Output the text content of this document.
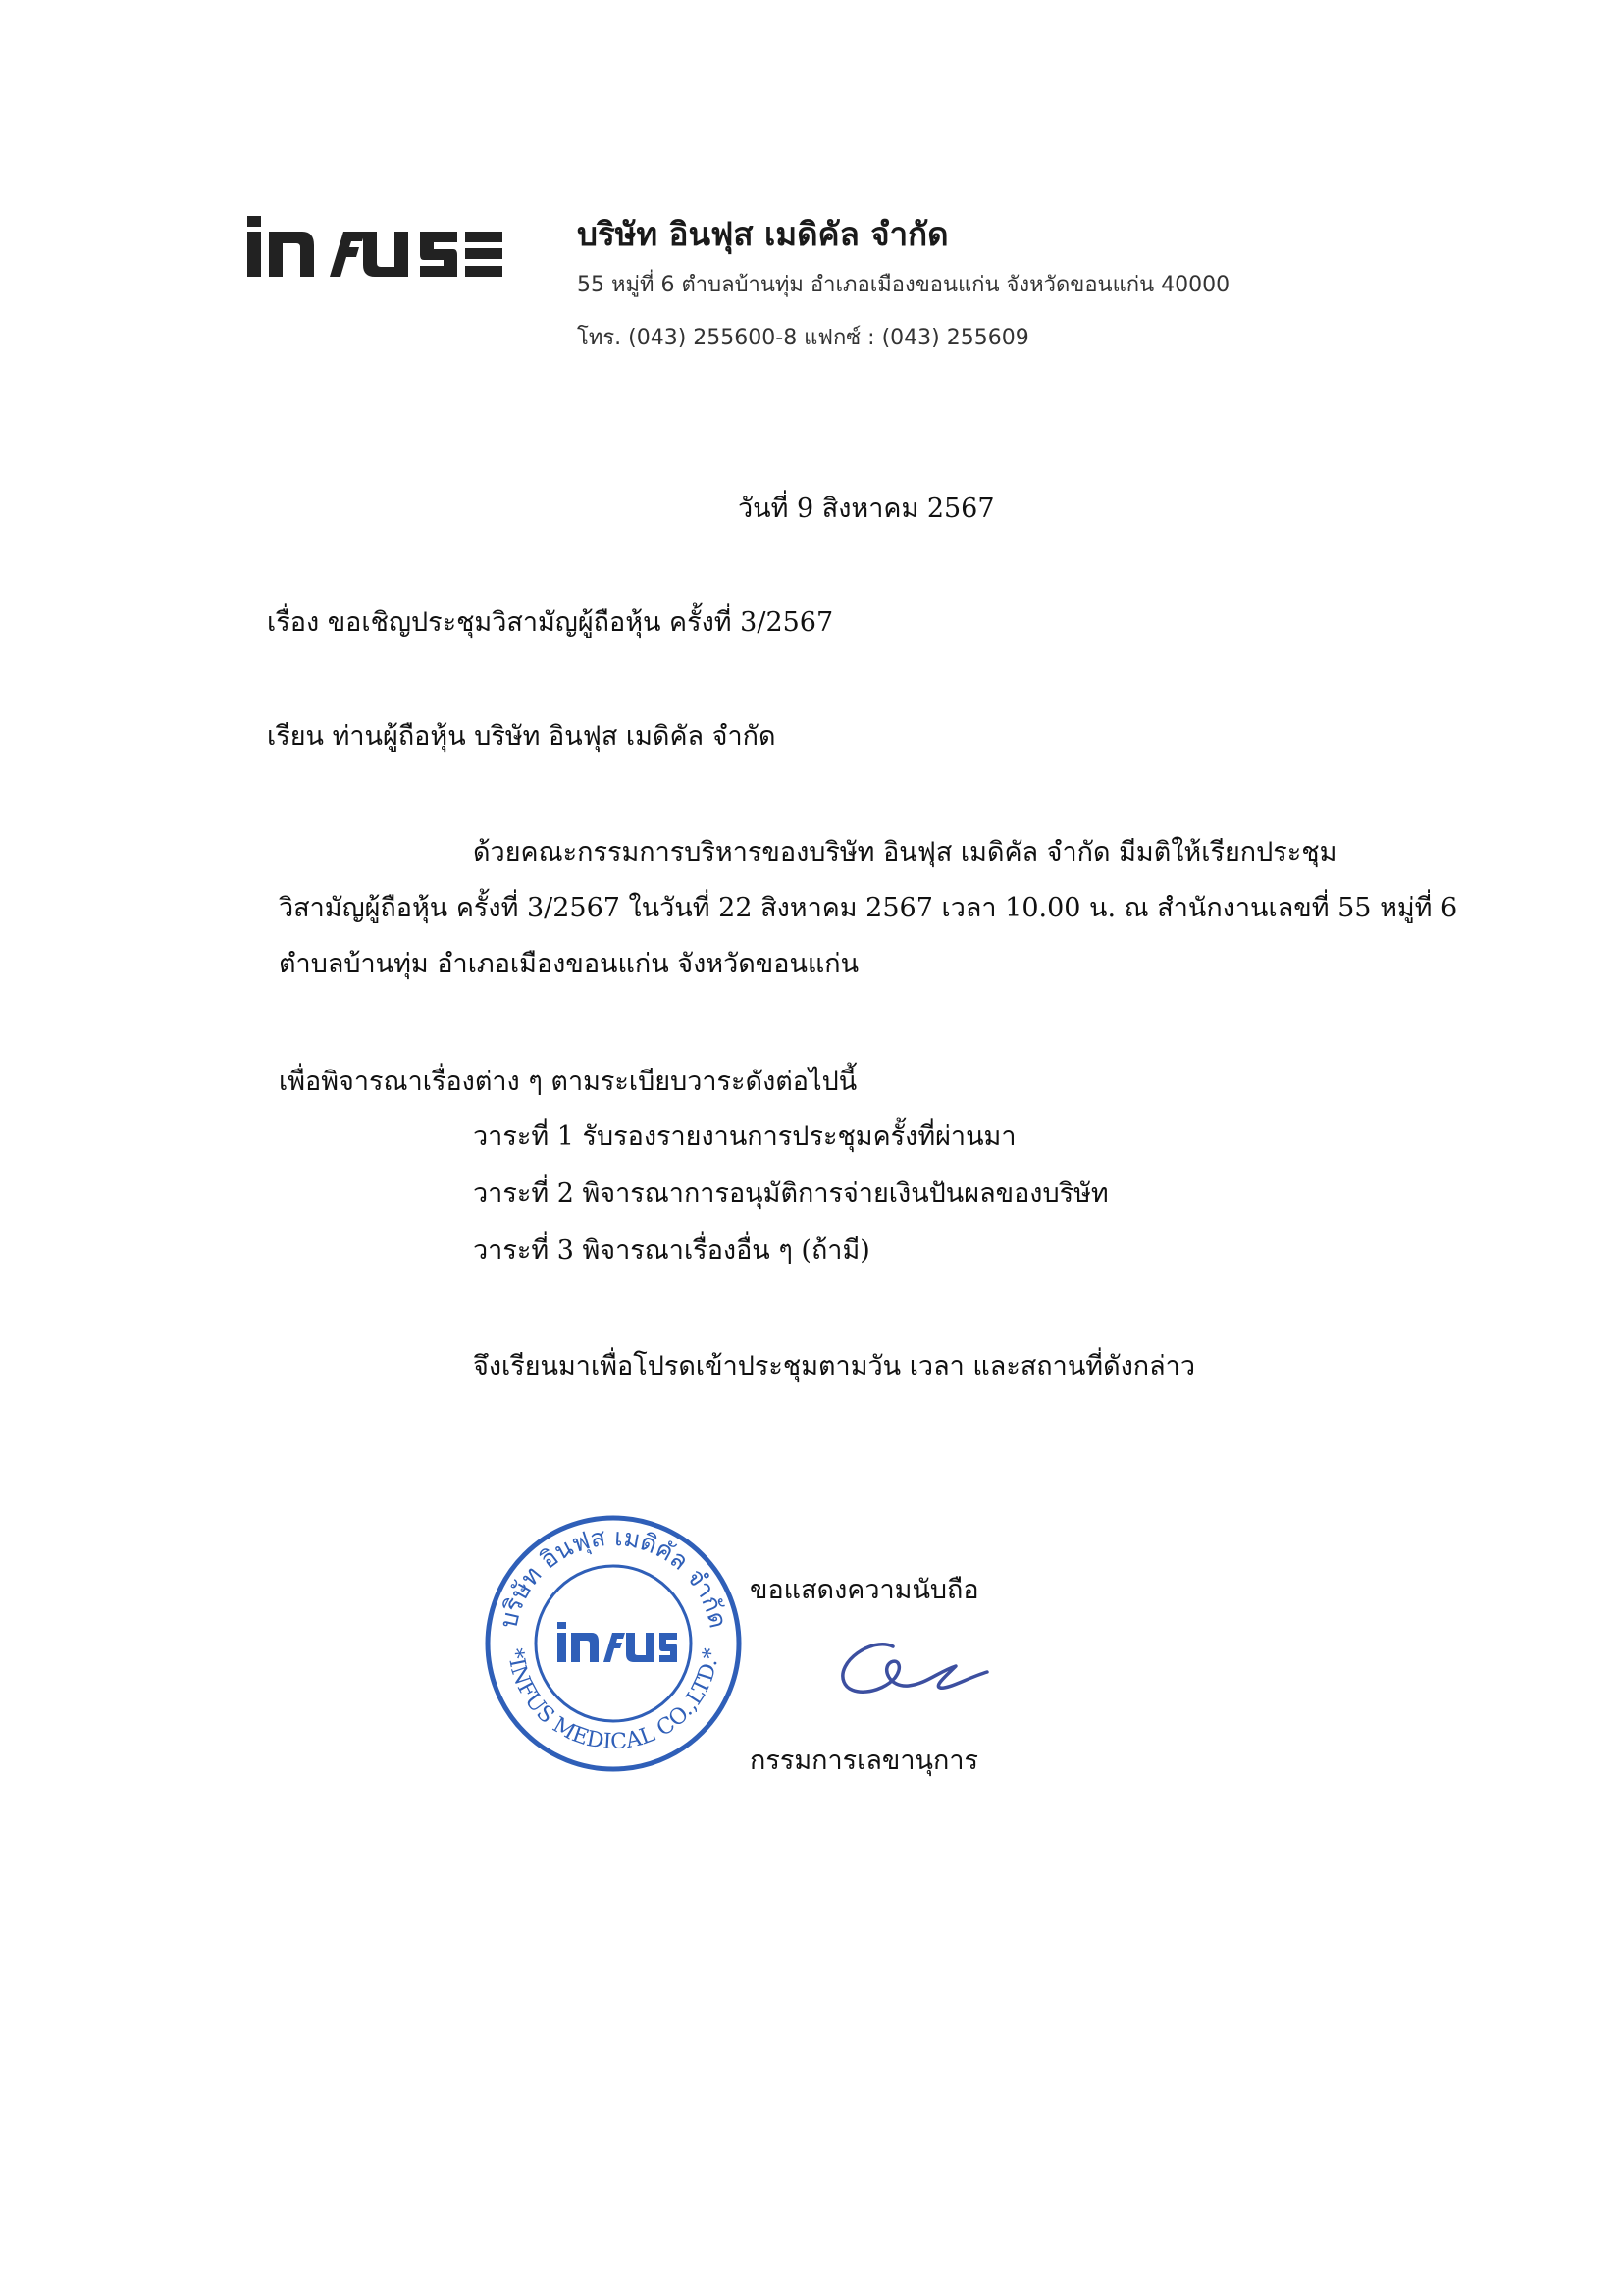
บริษัท อินฟุส เมดิคัล จำกัด
55 หมู่ที่ 6 ตำบลบ้านทุ่ม อำเภอเมืองขอนแก่น จังหวัดขอนแก่น 40000
โทร. (043) 255600-8 แฟกซ์ : (043) 255609
วันที่ 9 สิงหาคม 2567
เรื่อง ขอเชิญประชุมวิสามัญผู้ถือหุ้น ครั้งที่ 3/2567
เรียน ท่านผู้ถือหุ้น บริษัท อินฟุส เมดิคัล จำกัด
ด้วยคณะกรรมการบริหารของบริษัท อินฟุส เมดิคัล จำกัด มีมติให้เรียกประชุม
วิสามัญผู้ถือหุ้น ครั้งที่ 3/2567 ในวันที่ 22 สิงหาคม 2567 เวลา 10.00 น. ณ สำนักงานเลขที่ 55 หมู่ที่ 6
ตำบลบ้านทุ่ม อำเภอเมืองขอนแก่น จังหวัดขอนแก่น
เพื่อพิจารณาเรื่องต่าง ๆ ตามระเบียบวาระดังต่อไปนี้
วาระที่ 1 รับรองรายงานการประชุมครั้งที่ผ่านมา
วาระที่ 2 พิจารณาการอนุมัติการจ่ายเงินปันผลของบริษัท
วาระที่ 3 พิจารณาเรื่องอื่น ๆ (ถ้ามี)
จึงเรียนมาเพื่อโปรดเข้าประชุมตามวัน เวลา และสถานที่ดังกล่าว
บริษัท อินฟุส เมดิคัล จำกัด
*INFUS MEDICAL CO.,LTD.*
ขอแสดงความนับถือ
กรรมการเลขานุการ
